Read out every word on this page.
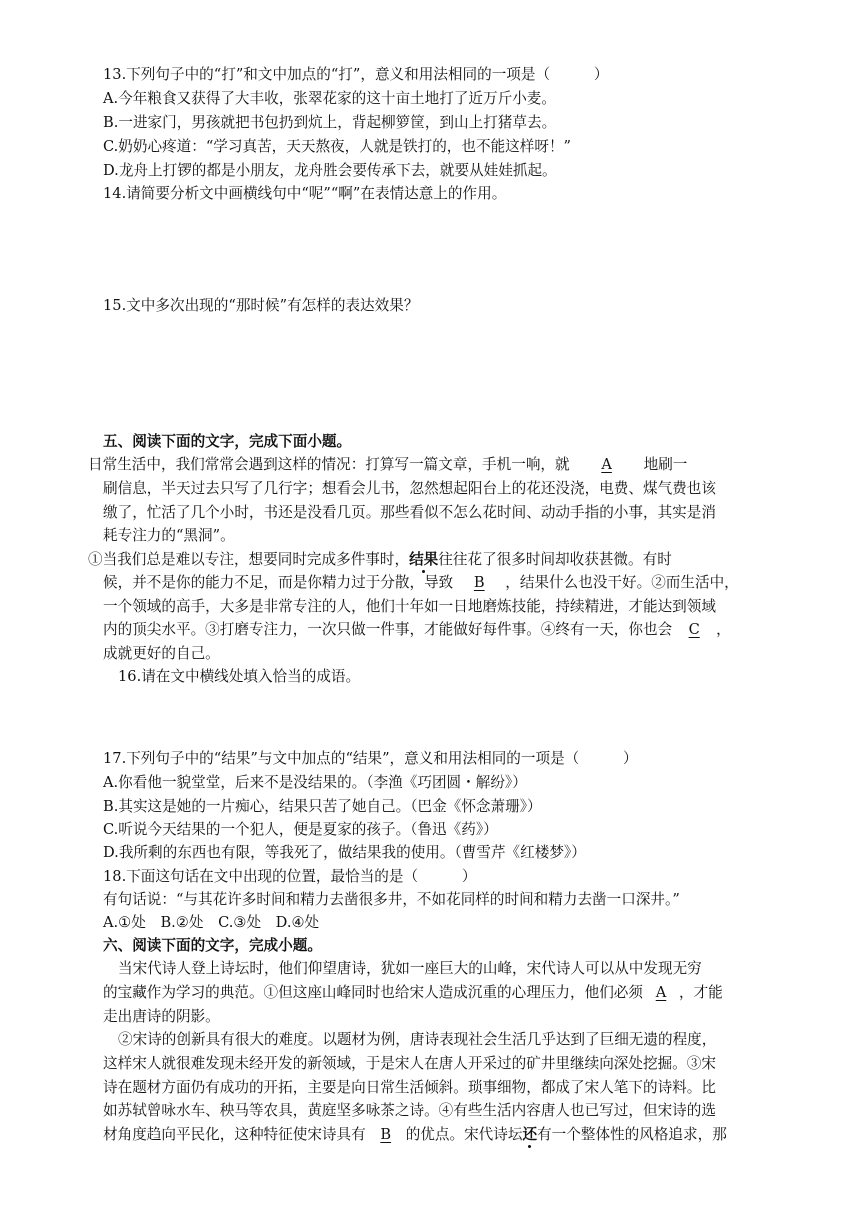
13.下列句子中的“打”和文中加点的“打”，意义和用法相同的一项是（　　　）
A.今年粮食又获得了大丰收，张翠花家的这十亩土地打了近万斤小麦。
B.一进家门，男孩就把书包扔到炕上，背起柳箩筐，到山上打猪草去。
C.奶奶心疼道：“学习真苦，天天熬夜，人就是铁打的，也不能这样呀！”
D.龙舟上打锣的都是小朋友，龙舟胜会要传承下去，就要从娃娃抓起。
14.请简要分析文中画横线句中“呢”“啊”在表情达意上的作用。
15.文中多次出现的“那时候”有怎样的表达效果？
五、阅读下面的文字，完成下面小题。
日常生活中，我们常常会遇到这样的情况：打算写一篇文章，手机一响，就 A 地刷一
刷信息，半天过去只写了几行字；想看会儿书，忽然想起阳台上的花还没浇，电费、煤气费也该
缴了，忙活了几个小时，书还是没看几页。那些看似不怎么花时间、动动手指的小事，其实是消
耗专注力的“黑洞”。
①当我们总是难以专注，想要同时完成多件事时，结果往往花了很多时间却收获甚微。有时
候，并不是你的能力不足，而是你精力过于分散，导致 B ，结果什么也没干好。②而生活中，
一个领域的高手，大多是非常专注的人，他们十年如一日地磨炼技能，持续精进，才能达到领域
内的顶尖水平。③打磨专注力，一次只做一件事，才能做好每件事。④终有一天，你也会 C ，
成就更好的自己。
16.请在文中横线处填入恰当的成语。
17.下列句子中的“结果”与文中加点的“结果”，意义和用法相同的一项是（　　　）
A.你看他一貌堂堂，后来不是没结果的。（李渔《巧团圆・解纷》）
B.其实这是她的一片痴心，结果只苦了她自己。（巴金《怀念萧珊》）
C.听说今天结果的一个犯人，便是夏家的孩子。（鲁迅《药》）
D.我所剩的东西也有限，等我死了，做结果我的使用。（曹雪芹《红楼梦》）
18.下面这句话在文中出现的位置，最恰当的是（　　　）
有句话说：“与其花许多时间和精力去凿很多井，不如花同样的时间和精力去凿一口深井。”
A.①处　B.②处　C.③处　D.④处
六、阅读下面的文字，完成小题。
当宋代诗人登上诗坛时，他们仰望唐诗，犹如一座巨大的山峰，宋代诗人可以从中发现无穷
的宝藏作为学习的典范。①但这座山峰同时也给宋人造成沉重的心理压力，他们必须 A ，才能
走出唐诗的阴影。
②宋诗的创新具有很大的难度。以题材为例，唐诗表现社会生活几乎达到了巨细无遗的程度，
这样宋人就很难发现未经开发的新领域，于是宋人在唐人开采过的矿井里继续向深处挖掘。③宋
诗在题材方面仍有成功的开拓，主要是向日常生活倾斜。琐事细物，都成了宋人笔下的诗料。比
如苏轼曾咏水车、秧马等农具，黄庭坚多咏茶之诗。④有些生活内容唐人也已写过，但宋诗的选
材角度趋向平民化，这种特征使宋诗具有 B 的优点。宋代诗坛还有一个整体性的风格追求，那
